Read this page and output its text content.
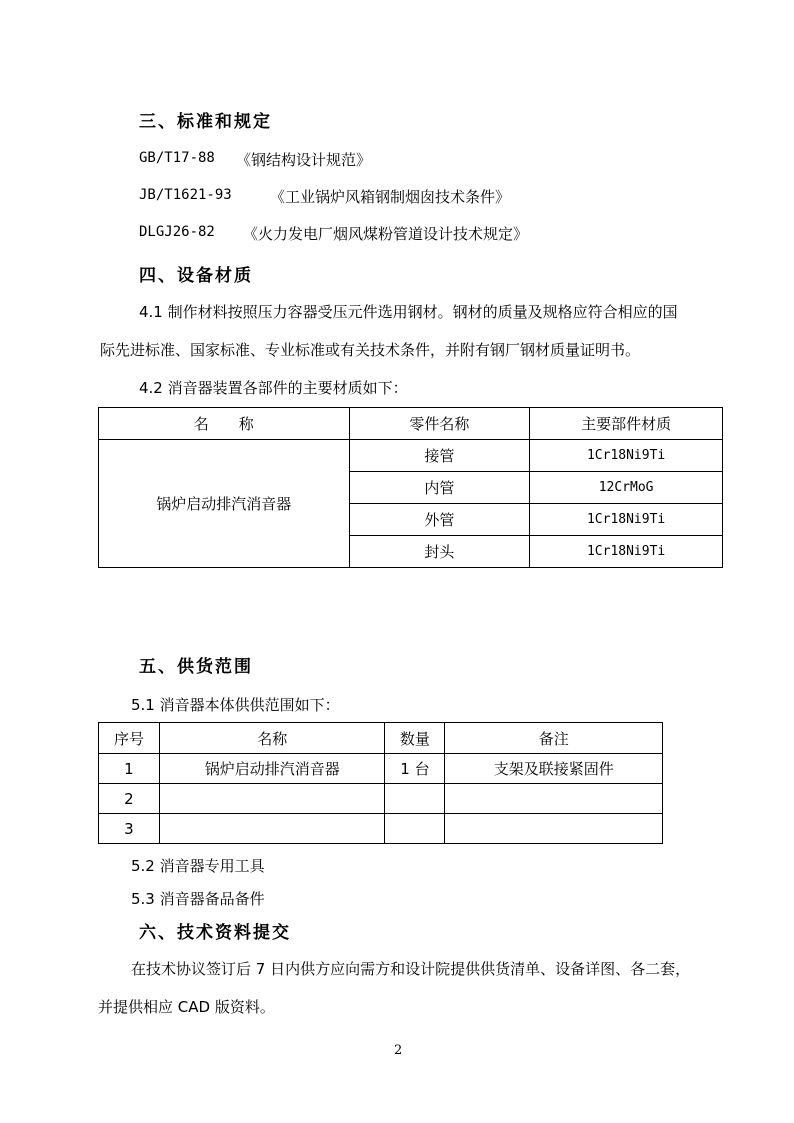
三、标准和规定
GB/T17-88 《钢结构设计规范》
JB/T1621-93	《工业锅炉风箱钢制烟囱技术条件》
DLGJ26-82 《火力发电厂烟风煤粉管道设计技术规定》
四、设备材质
4.1 制作材料按照压力容器受压元件选用钢材。钢材的质量及规格应符合相应的国
际先进标准、国家标准、专业标准或有关技术条件，并附有钢厂钢材质量证明书。
4.2 消音器装置各部件的主要材质如下：
名　　称	零件名称	主要部件材质
锅炉启动排汽消音器	接管	1Cr18Ni9Ti
	内管	12CrMoG
	外管	1Cr18Ni9Ti
	封头	1Cr18Ni9Ti
五、供货范围
5.1 消音器本体供供范围如下：
序号	名称	数量	备注
1	锅炉启动排汽消音器	1 台	支架及联接紧固件
2			
3			
5.2 消音器专用工具
5.3 消音器备品备件
六、技术资料提交
在技术协议签订后 7 日内供方应向需方和设计院提供供货清单、设备详图、各二套，
并提供相应 CAD 版资料。
2
